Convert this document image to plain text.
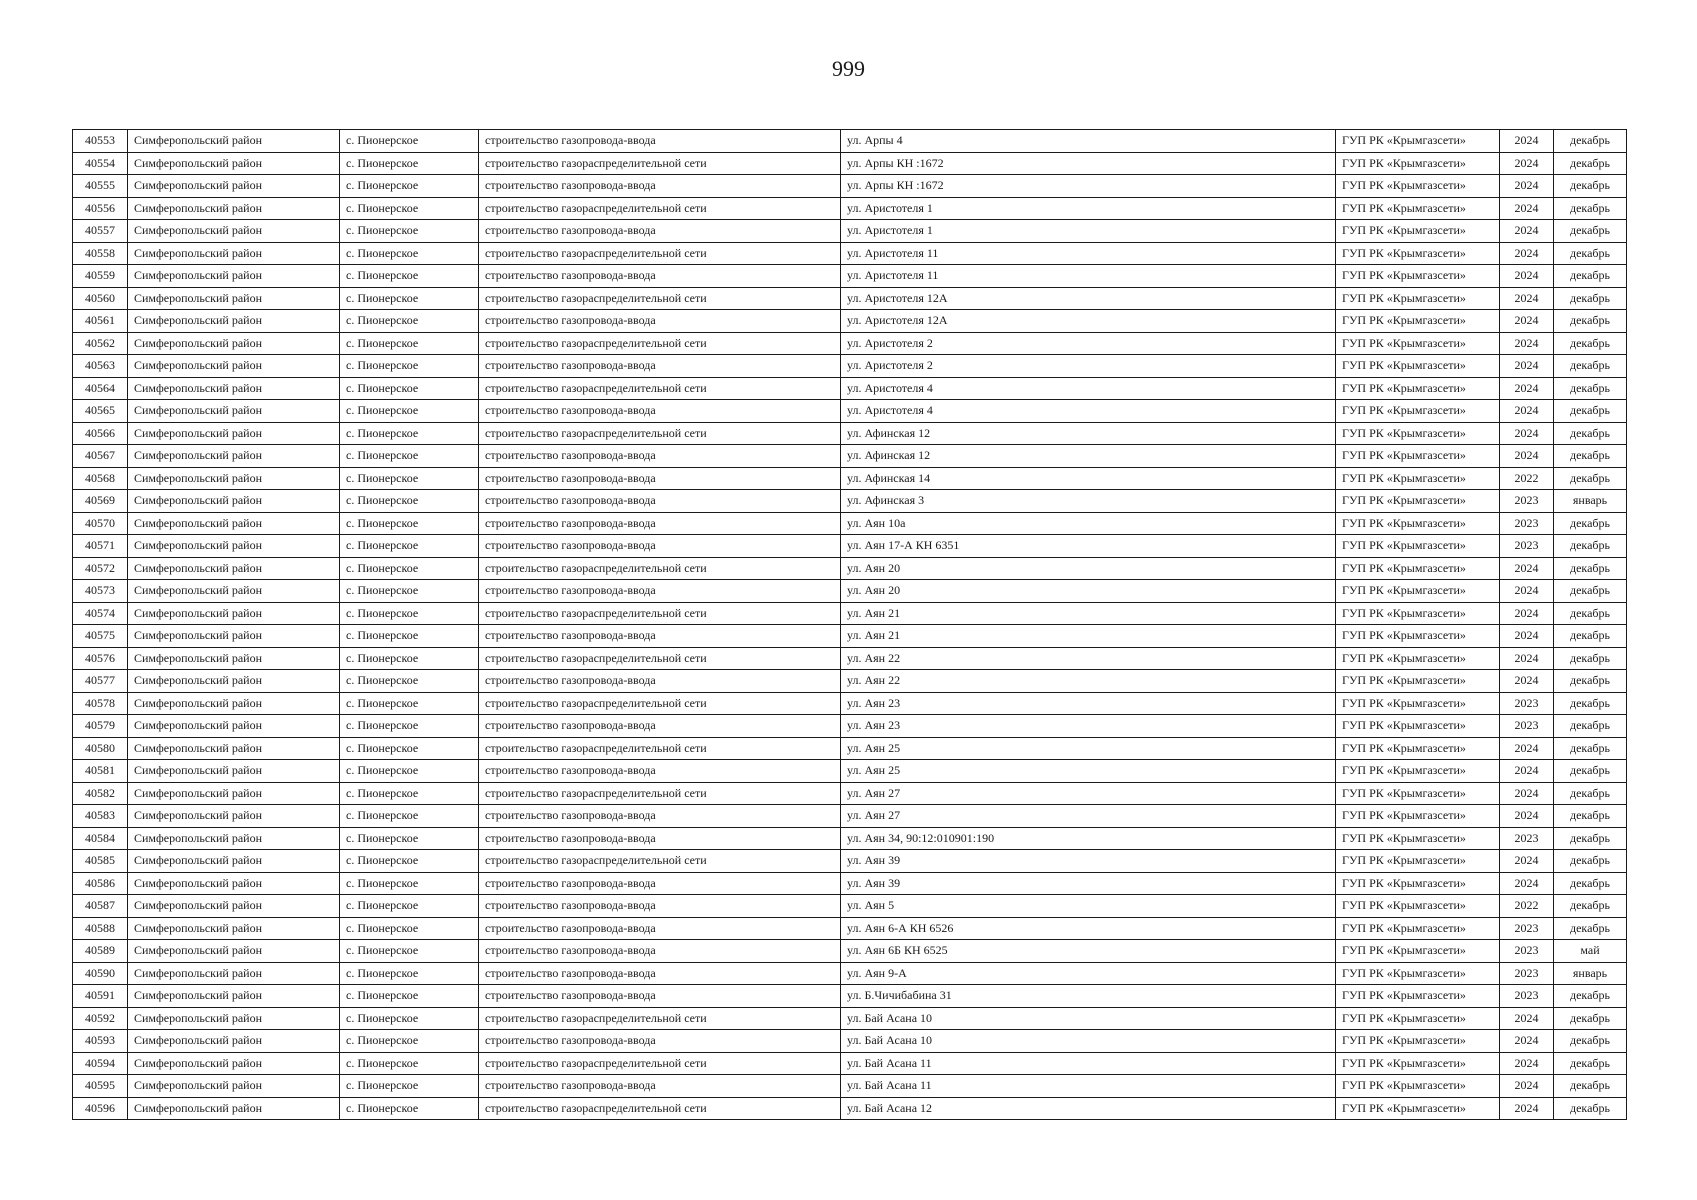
999
40553	Симферопольский район	с. Пионерское	строительство газопровода-ввода	ул. Арпы 4	ГУП РК «Крымгазсети»	2024	декабрь
40554	Симферопольский район	с. Пионерское	строительство газораспределительной сети	ул. Арпы КН :1672	ГУП РК «Крымгазсети»	2024	декабрь
40555	Симферопольский район	с. Пионерское	строительство газопровода-ввода	ул. Арпы КН :1672	ГУП РК «Крымгазсети»	2024	декабрь
40556	Симферопольский район	с. Пионерское	строительство газораспределительной сети	ул. Аристотеля 1	ГУП РК «Крымгазсети»	2024	декабрь
40557	Симферопольский район	с. Пионерское	строительство газопровода-ввода	ул. Аристотеля 1	ГУП РК «Крымгазсети»	2024	декабрь
40558	Симферопольский район	с. Пионерское	строительство газораспределительной сети	ул. Аристотеля 11	ГУП РК «Крымгазсети»	2024	декабрь
40559	Симферопольский район	с. Пионерское	строительство газопровода-ввода	ул. Аристотеля 11	ГУП РК «Крымгазсети»	2024	декабрь
40560	Симферопольский район	с. Пионерское	строительство газораспределительной сети	ул. Аристотеля 12А	ГУП РК «Крымгазсети»	2024	декабрь
40561	Симферопольский район	с. Пионерское	строительство газопровода-ввода	ул. Аристотеля 12А	ГУП РК «Крымгазсети»	2024	декабрь
40562	Симферопольский район	с. Пионерское	строительство газораспределительной сети	ул. Аристотеля 2	ГУП РК «Крымгазсети»	2024	декабрь
40563	Симферопольский район	с. Пионерское	строительство газопровода-ввода	ул. Аристотеля 2	ГУП РК «Крымгазсети»	2024	декабрь
40564	Симферопольский район	с. Пионерское	строительство газораспределительной сети	ул. Аристотеля 4	ГУП РК «Крымгазсети»	2024	декабрь
40565	Симферопольский район	с. Пионерское	строительство газопровода-ввода	ул. Аристотеля 4	ГУП РК «Крымгазсети»	2024	декабрь
40566	Симферопольский район	с. Пионерское	строительство газораспределительной сети	ул. Афинская 12	ГУП РК «Крымгазсети»	2024	декабрь
40567	Симферопольский район	с. Пионерское	строительство газопровода-ввода	ул. Афинская 12	ГУП РК «Крымгазсети»	2024	декабрь
40568	Симферопольский район	с. Пионерское	строительство газопровода-ввода	ул. Афинская 14	ГУП РК «Крымгазсети»	2022	декабрь
40569	Симферопольский район	с. Пионерское	строительство газопровода-ввода	ул. Афинская 3	ГУП РК «Крымгазсети»	2023	январь
40570	Симферопольский район	с. Пионерское	строительство газопровода-ввода	ул. Аян 10а	ГУП РК «Крымгазсети»	2023	декабрь
40571	Симферопольский район	с. Пионерское	строительство газопровода-ввода	ул. Аян 17-А КН 6351	ГУП РК «Крымгазсети»	2023	декабрь
40572	Симферопольский район	с. Пионерское	строительство газораспределительной сети	ул. Аян 20	ГУП РК «Крымгазсети»	2024	декабрь
40573	Симферопольский район	с. Пионерское	строительство газопровода-ввода	ул. Аян 20	ГУП РК «Крымгазсети»	2024	декабрь
40574	Симферопольский район	с. Пионерское	строительство газораспределительной сети	ул. Аян 21	ГУП РК «Крымгазсети»	2024	декабрь
40575	Симферопольский район	с. Пионерское	строительство газопровода-ввода	ул. Аян 21	ГУП РК «Крымгазсети»	2024	декабрь
40576	Симферопольский район	с. Пионерское	строительство газораспределительной сети	ул. Аян 22	ГУП РК «Крымгазсети»	2024	декабрь
40577	Симферопольский район	с. Пионерское	строительство газопровода-ввода	ул. Аян 22	ГУП РК «Крымгазсети»	2024	декабрь
40578	Симферопольский район	с. Пионерское	строительство газораспределительной сети	ул. Аян 23	ГУП РК «Крымгазсети»	2023	декабрь
40579	Симферопольский район	с. Пионерское	строительство газопровода-ввода	ул. Аян 23	ГУП РК «Крымгазсети»	2023	декабрь
40580	Симферопольский район	с. Пионерское	строительство газораспределительной сети	ул. Аян 25	ГУП РК «Крымгазсети»	2024	декабрь
40581	Симферопольский район	с. Пионерское	строительство газопровода-ввода	ул. Аян 25	ГУП РК «Крымгазсети»	2024	декабрь
40582	Симферопольский район	с. Пионерское	строительство газораспределительной сети	ул. Аян 27	ГУП РК «Крымгазсети»	2024	декабрь
40583	Симферопольский район	с. Пионерское	строительство газопровода-ввода	ул. Аян 27	ГУП РК «Крымгазсети»	2024	декабрь
40584	Симферопольский район	с. Пионерское	строительство газопровода-ввода	ул. Аян 34, 90:12:010901:190	ГУП РК «Крымгазсети»	2023	декабрь
40585	Симферопольский район	с. Пионерское	строительство газораспределительной сети	ул. Аян 39	ГУП РК «Крымгазсети»	2024	декабрь
40586	Симферопольский район	с. Пионерское	строительство газопровода-ввода	ул. Аян 39	ГУП РК «Крымгазсети»	2024	декабрь
40587	Симферопольский район	с. Пионерское	строительство газопровода-ввода	ул. Аян 5	ГУП РК «Крымгазсети»	2022	декабрь
40588	Симферопольский район	с. Пионерское	строительство газопровода-ввода	ул. Аян 6-А КН 6526	ГУП РК «Крымгазсети»	2023	декабрь
40589	Симферопольский район	с. Пионерское	строительство газопровода-ввода	ул. Аян 6Б КН 6525	ГУП РК «Крымгазсети»	2023	май
40590	Симферопольский район	с. Пионерское	строительство газопровода-ввода	ул. Аян 9-А	ГУП РК «Крымгазсети»	2023	январь
40591	Симферопольский район	с. Пионерское	строительство газопровода-ввода	ул. Б.Чичибабина 31	ГУП РК «Крымгазсети»	2023	декабрь
40592	Симферопольский район	с. Пионерское	строительство газораспределительной сети	ул. Бай Асана 10	ГУП РК «Крымгазсети»	2024	декабрь
40593	Симферопольский район	с. Пионерское	строительство газопровода-ввода	ул. Бай Асана 10	ГУП РК «Крымгазсети»	2024	декабрь
40594	Симферопольский район	с. Пионерское	строительство газораспределительной сети	ул. Бай Асана 11	ГУП РК «Крымгазсети»	2024	декабрь
40595	Симферопольский район	с. Пионерское	строительство газопровода-ввода	ул. Бай Асана 11	ГУП РК «Крымгазсети»	2024	декабрь
40596	Симферопольский район	с. Пионерское	строительство газораспределительной сети	ул. Бай Асана 12	ГУП РК «Крымгазсети»	2024	декабрь
